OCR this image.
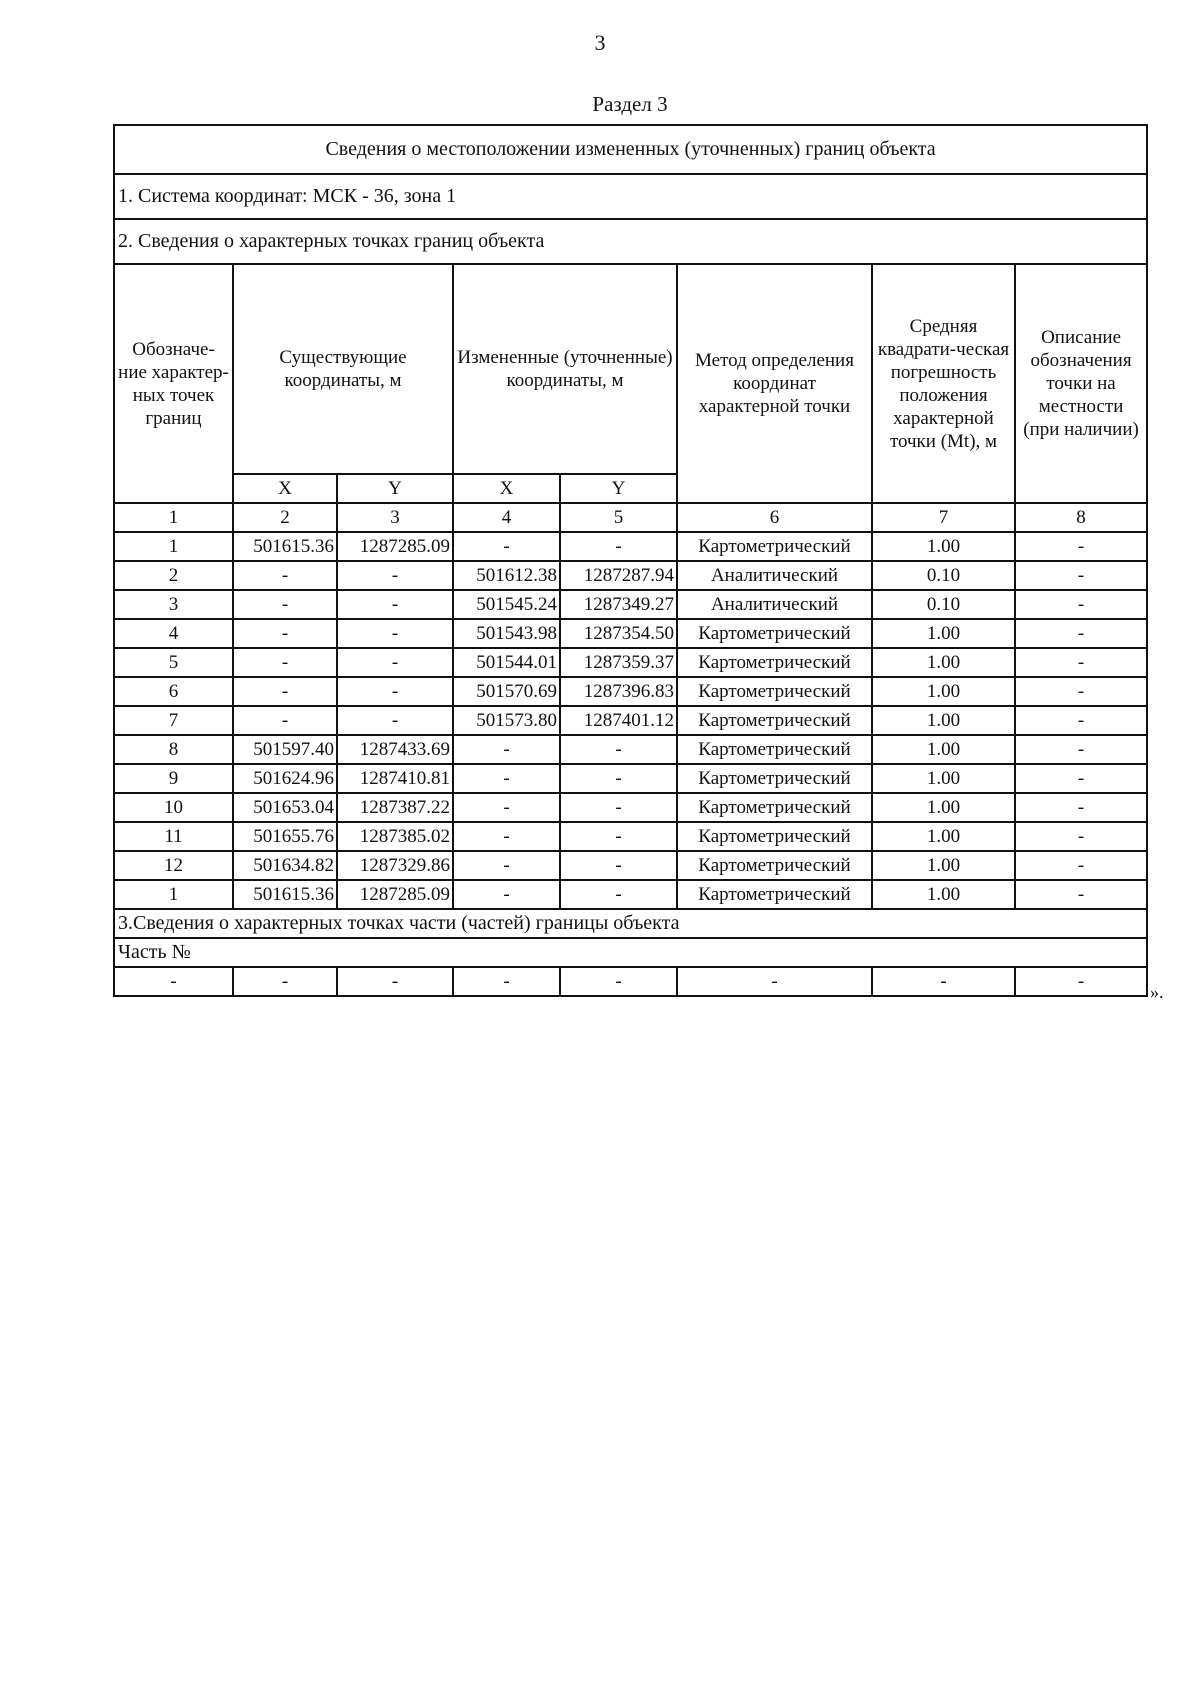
3
Раздел 3
Сведения о местоположении измененных (уточненных) границ объекта							
1. Система координат: МСК - 36, зона 1							
2. Сведения о характерных точках границ объекта							
Обозначе-ние характер-ных точек границ	Существующие координаты, м		Измененные (уточненные) координаты, м		Метод определения координат характерной точки	Средняя квадрати-ческая погрешность положения характерной точки (Mt), м	Описание обозначения точки на местности (при наличии)
	X	Y	X	Y			
1	2	3	4	5	6	7	8
1	501615.36	1287285.09	-	-	Картометрический	1.00	-
2	-	-	501612.38	1287287.94	Аналитический	0.10	-
3	-	-	501545.24	1287349.27	Аналитический	0.10	-
4	-	-	501543.98	1287354.50	Картометрический	1.00	-
5	-	-	501544.01	1287359.37	Картометрический	1.00	-
6	-	-	501570.69	1287396.83	Картометрический	1.00	-
7	-	-	501573.80	1287401.12	Картометрический	1.00	-
8	501597.40	1287433.69	-	-	Картометрический	1.00	-
9	501624.96	1287410.81	-	-	Картометрический	1.00	-
10	501653.04	1287387.22	-	-	Картометрический	1.00	-
11	501655.76	1287385.02	-	-	Картометрический	1.00	-
12	501634.82	1287329.86	-	-	Картометрический	1.00	-
1	501615.36	1287285.09	-	-	Картометрический	1.00	-
3.Сведения о характерных точках части (частей) границы объекта							
Часть №							
-	-	-	-	-	-	-	-	».
